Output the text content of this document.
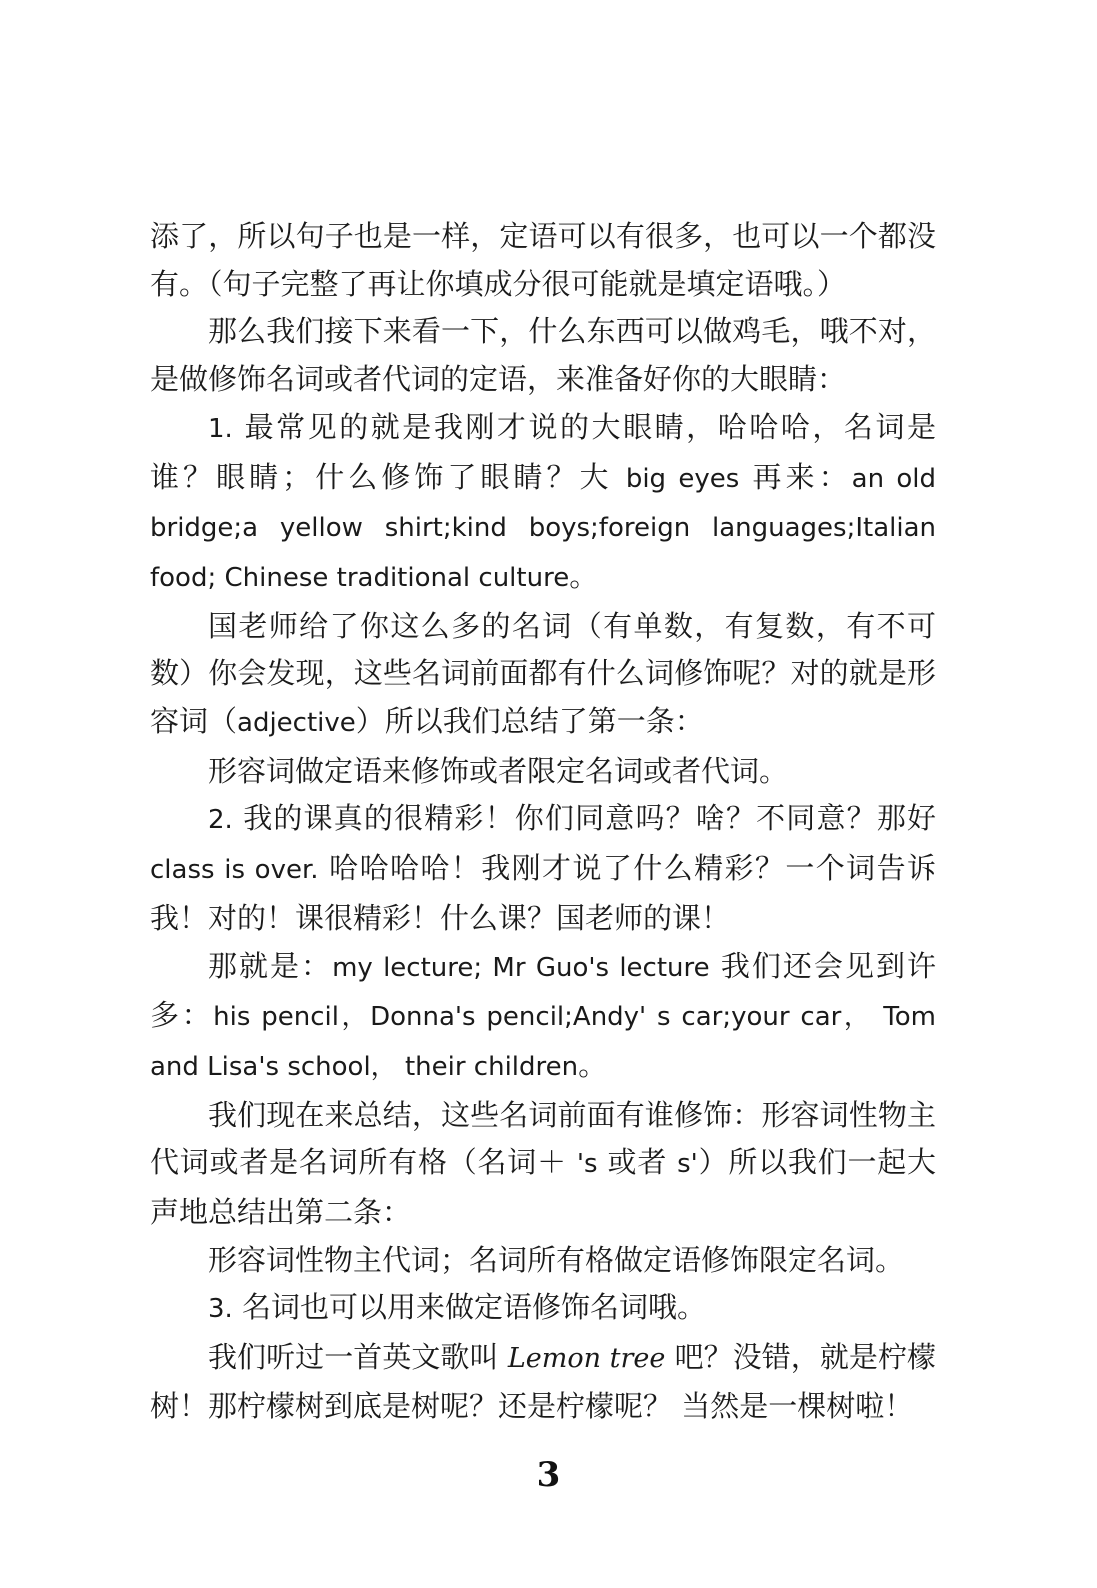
添了，所以句子也是一样，定语可以有很多，也可以一个都没有。（句子完整了再让你填成分很可能就是填定语哦。）

那么我们接下来看一下，什么东西可以做鸡毛，哦不对，是做修饰名词或者代词的定语，来准备好你的大眼睛：

1. 最常见的就是我刚才说的大眼睛，哈哈哈，名词是谁？眼睛；什么修饰了眼睛？大 big eyes 再来：an old bridge;a yellow shirt;kind boys;foreign languages;Italian food; Chinese traditional culture。

国老师给了你这么多的名词（有单数，有复数，有不可数）你会发现，这些名词前面都有什么词修饰呢？对的就是形容词（adjective）所以我们总结了第一条：

形容词做定语来修饰或者限定名词或者代词。

2. 我的课真的很精彩！你们同意吗？啥？不同意？那好 class is over. 哈哈哈哈！我刚才说了什么精彩？一个词告诉我！对的！课很精彩！什么课？国老师的课！

那就是：my lecture; Mr Guo's lecture 我们还会见到许多：his pencil，Donna's pencil;Andy' s car;your car， Tom and Lisa's school， their children。

我们现在来总结，这些名词前面有谁修饰：形容词性物主代词或者是名词所有格（名词＋ 's 或者 s'）所以我们一起大声地总结出第二条：

形容词性物主代词；名词所有格做定语修饰限定名词。

3. 名词也可以用来做定语修饰名词哦。

我们听过一首英文歌叫 Lemon tree 吧？没错，就是柠檬树！那柠檬树到底是树呢？还是柠檬呢？ 当然是一棵树啦！

3
